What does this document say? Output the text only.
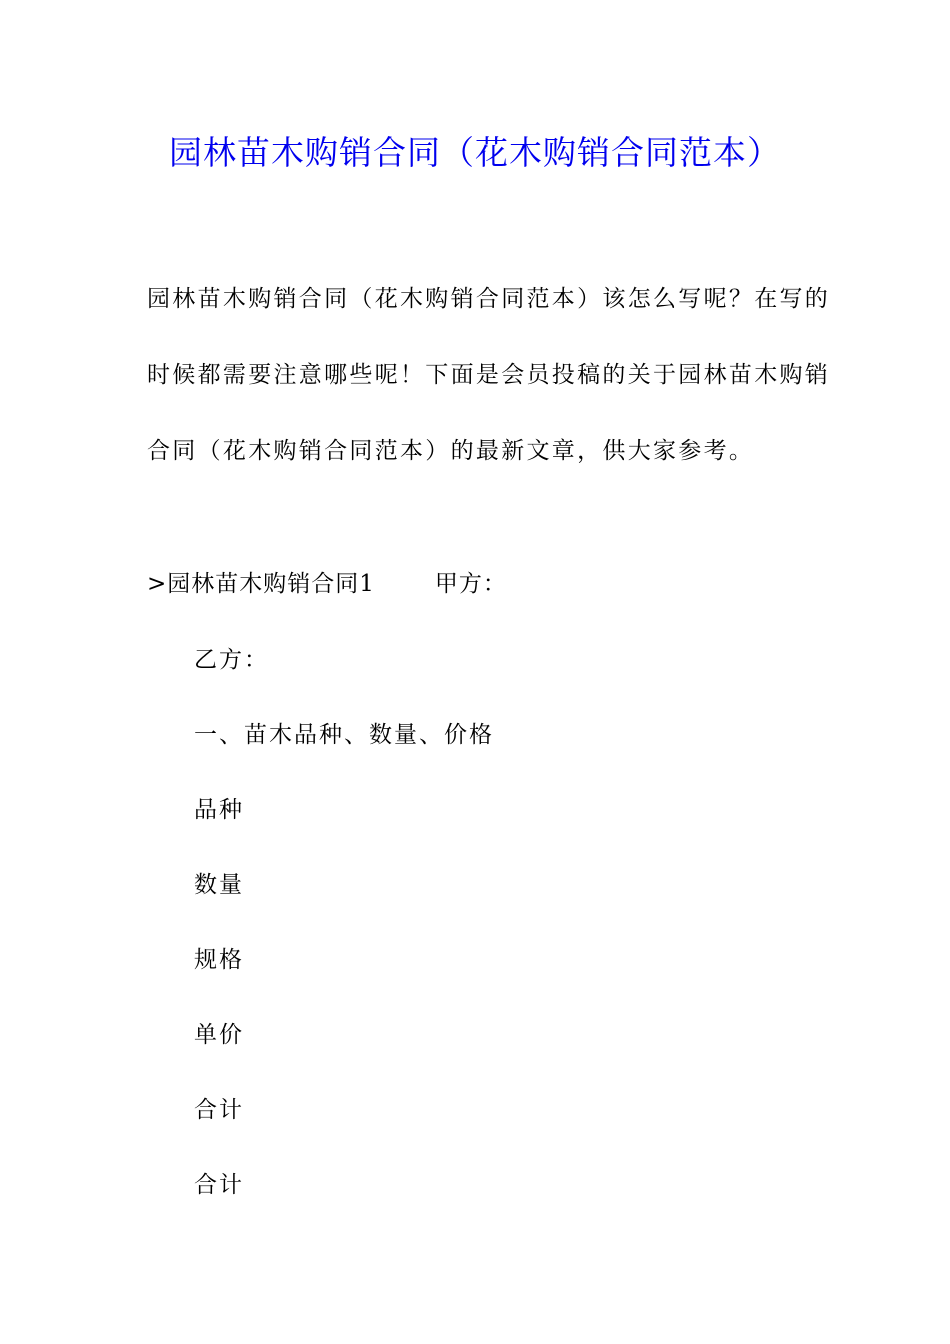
园林苗木购销合同（花木购销合同范本）
园林苗木购销合同（花木购销合同范本）该怎么写呢？在写的
时候都需要注意哪些呢！下面是会员投稿的关于园林苗木购销
合同（花木购销合同范本）的最新文章，供大家参考。
>园林苗木购销合同1	甲方：
乙方：
一、苗木品种、数量、价格
品种
数量
规格
单价
合计
合计
